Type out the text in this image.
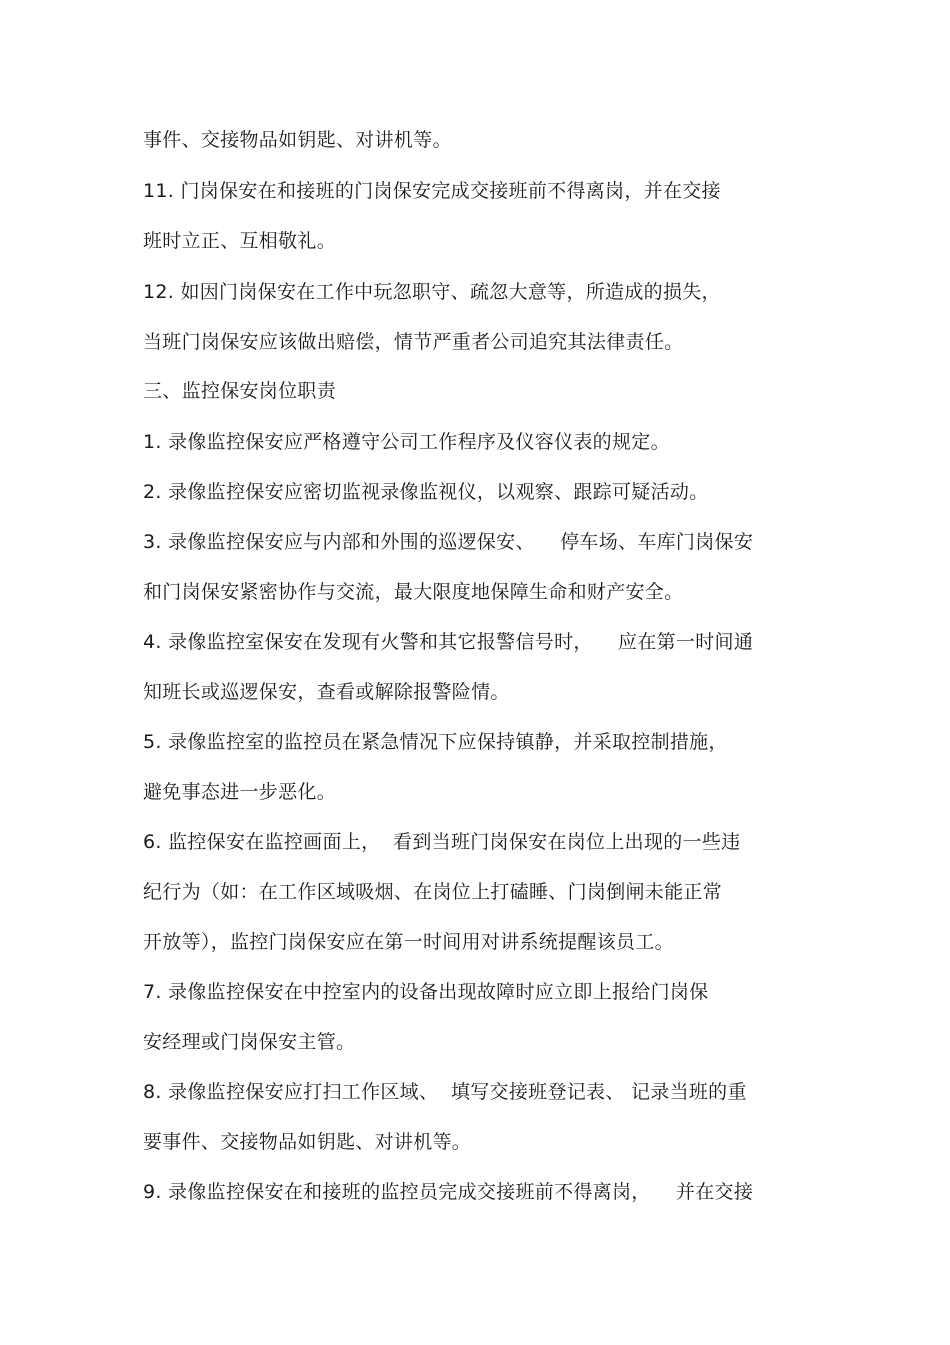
事件、交接物品如钥匙、对讲机等。
11. 门岗保安在和接班的门岗保安完成交接班前不得离岗，并在交接
班时立正、互相敬礼。
12. 如因门岗保安在工作中玩忽职守、疏忽大意等，所造成的损失，
当班门岗保安应该做出赔偿，情节严重者公司追究其法律责任。
三、监控保安岗位职责
1. 录像监控保安应严格遵守公司工作程序及仪容仪表的规定。
2. 录像监控保安应密切监视录像监视仪，以观察、跟踪可疑活动。
3. 录像监控保安应与内部和外围的巡逻保安、    停车场、车库门岗保安
和门岗保安紧密协作与交流，最大限度地保障生命和财产安全。
4. 录像监控室保安在发现有火警和其它报警信号时，    应在第一时间通
知班长或巡逻保安，查看或解除报警险情。
5. 录像监控室的监控员在紧急情况下应保持镇静，并采取控制措施，
避免事态进一步恶化。
6. 监控保安在监控画面上，  看到当班门岗保安在岗位上出现的一些违
纪行为（如：在工作区域吸烟、在岗位上打磕睡、门岗倒闸未能正常
开放等），监控门岗保安应在第一时间用对讲系统提醒该员工。
7. 录像监控保安在中控室内的设备出现故障时应立即上报给门岗保
安经理或门岗保安主管。
8. 录像监控保安应打扫工作区域、  填写交接班登记表、 记录当班的重
要事件、交接物品如钥匙、对讲机等。
9. 录像监控保安在和接班的监控员完成交接班前不得离岗，    并在交接
